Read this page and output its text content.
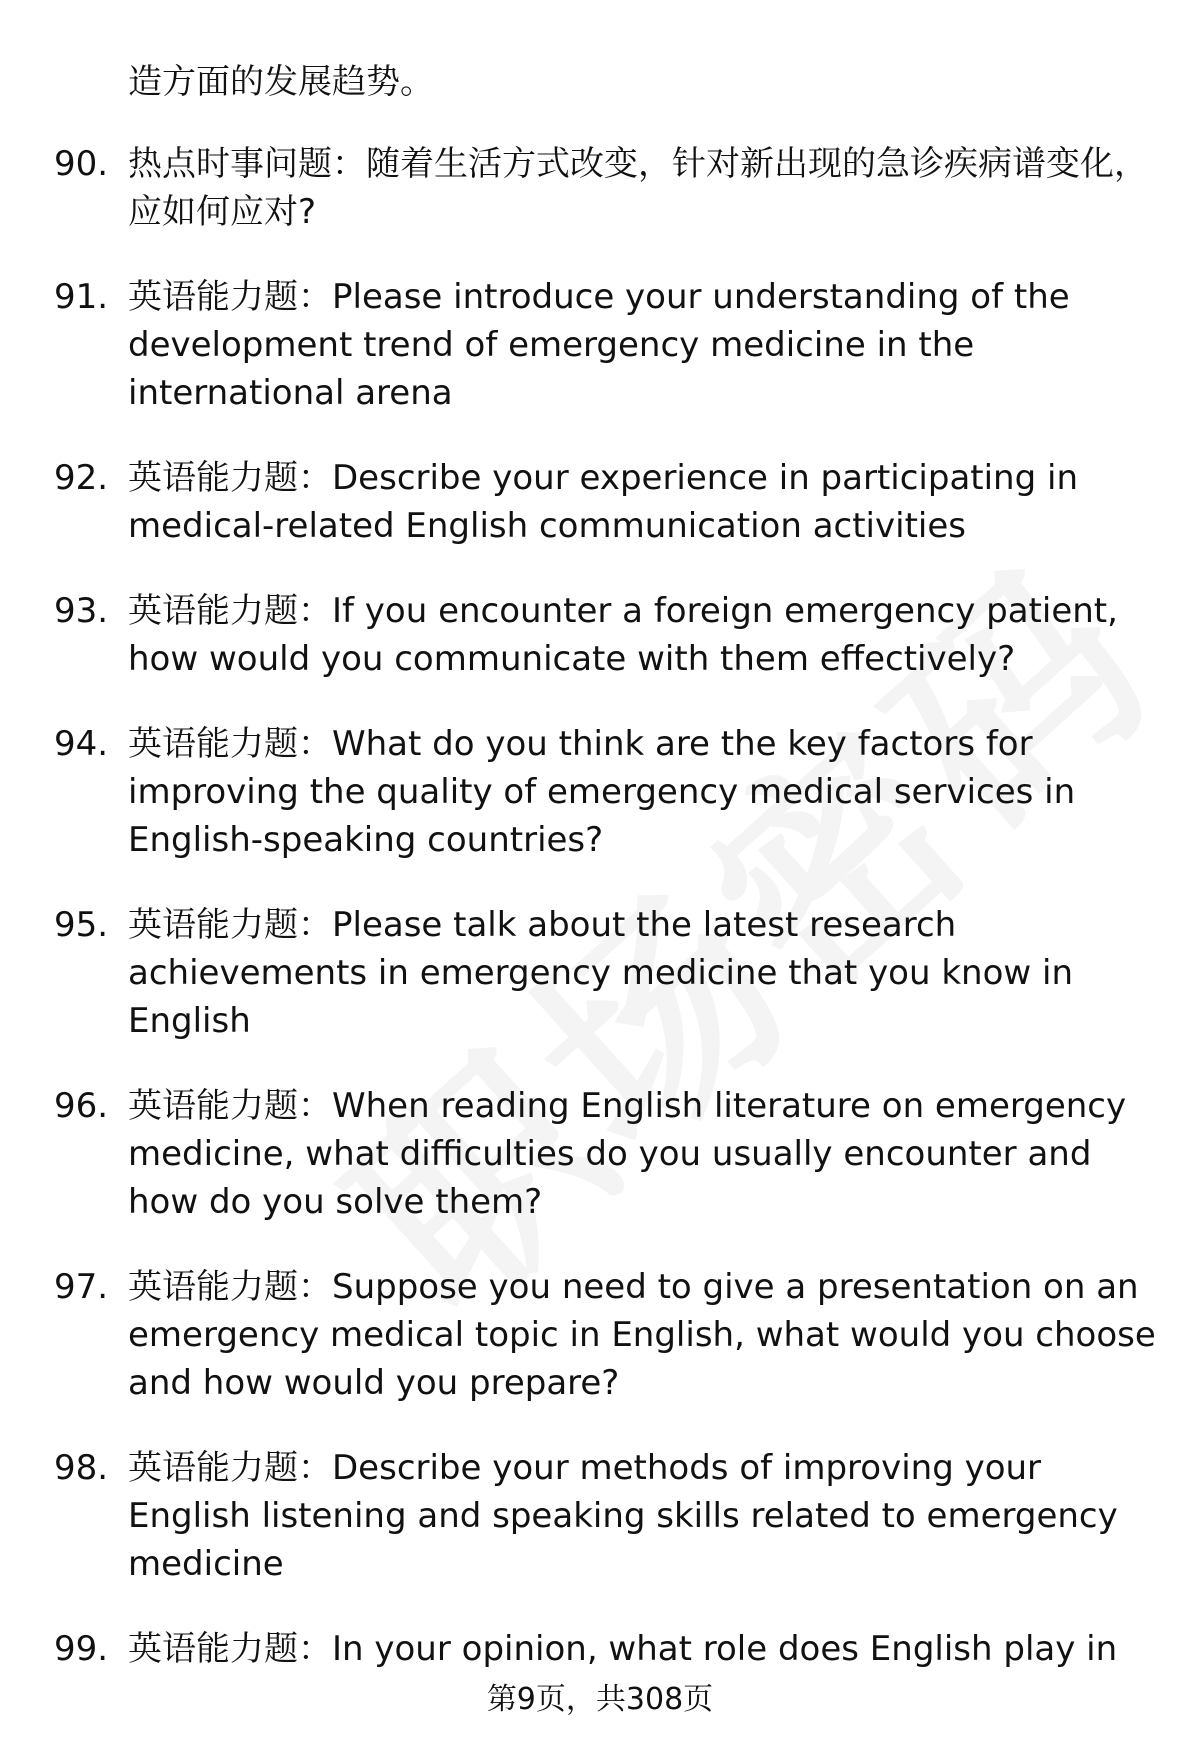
造方面的发展趋势。
90. 热点时事问题：随着生活方式改变，针对新出现的急诊疾病谱变化，应如何应对?
91. 英语能力题：Please introduce your understanding of the development trend of emergency medicine in the international arena
92. 英语能力题：Describe your experience in participating in medical-related English communication activities
93. 英语能力题：If you encounter a foreign emergency patient, how would you communicate with them effectively?
94. 英语能力题：What do you think are the key factors for improving the quality of emergency medical services in English-speaking countries?
95. 英语能力题：Please talk about the latest research achievements in emergency medicine that you know in English
96. 英语能力题：When reading English literature on emergency medicine, what difficulties do you usually encounter and how do you solve them?
97. 英语能力题：Suppose you need to give a presentation on an emergency medical topic in English, what would you choose and how would you prepare?
98. 英语能力题：Describe your methods of improving your English listening and speaking skills related to emergency medicine
99. 英语能力题：In your opinion, what role does English play in
第9页，共308页
